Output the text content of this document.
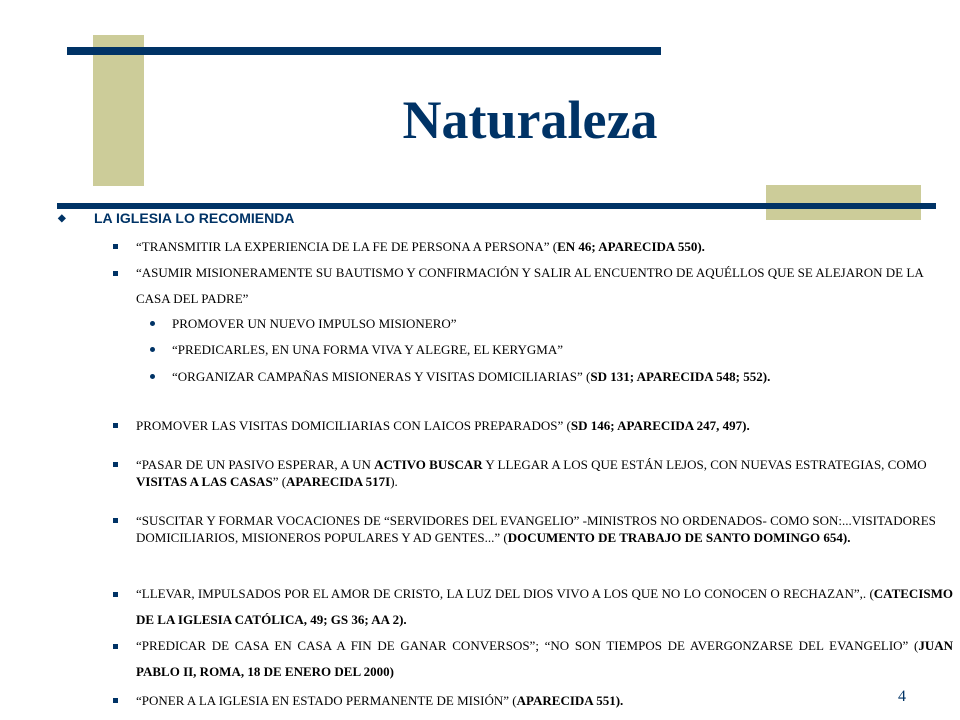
Naturaleza
◆ LA IGLESIA LO RECOMIENDA
“TRANSMITIR LA EXPERIENCIA DE LA FE DE PERSONA A PERSONA” (EN 46; APARECIDA 550).
“ASUMIR MISIONERAMENTE SU BAUTISMO Y CONFIRMACIÓN Y SALIR AL ENCUENTRO DE AQUÉLLOS QUE SE ALEJARON DE LA CASA DEL PADRE”
PROMOVER UN NUEVO IMPULSO MISIONERO”
“PREDICARLES, EN UNA FORMA VIVA Y ALEGRE, EL KERYGMA”
“ORGANIZAR CAMPAÑAS MISIONERAS Y VISITAS DOMICILIARIAS” (SD 131; APARECIDA 548; 552).
PROMOVER LAS VISITAS DOMICILIARIAS CON LAICOS PREPARADOS” (SD 146; APARECIDA 247, 497).
“PASAR DE UN PASIVO ESPERAR, A UN ACTIVO BUSCAR Y LLEGAR A LOS QUE ESTÁN LEJOS, CON NUEVAS ESTRATEGIAS, COMO VISITAS A LAS CASAS” (APARECIDA 517I).
“SUSCITAR Y FORMAR VOCACIONES DE “SERVIDORES DEL EVANGELIO” -MINISTROS NO ORDENADOS- COMO SON:...VISITADORES DOMICILIARIOS, MISIONEROS POPULARES Y AD GENTES...” (DOCUMENTO DE TRABAJO DE SANTO DOMINGO 654).
“LLEVAR, IMPULSADOS POR EL AMOR DE CRISTO, LA LUZ DEL DIOS VIVO A LOS QUE NO LO CONOCEN O RECHAZAN”,. (CATECISMO DE LA IGLESIA CATÓLICA, 49; GS 36; AA 2).
“PREDICAR DE CASA EN CASA A FIN DE GANAR CONVERSOS”; “NO SON TIEMPOS DE AVERGONZARSE DEL EVANGELIO” (JUAN PABLO II, ROMA, 18 DE ENERO DEL 2000)
“PONER A LA IGLESIA EN ESTADO PERMANENTE DE MISIÓN” (APARECIDA 551).	4
